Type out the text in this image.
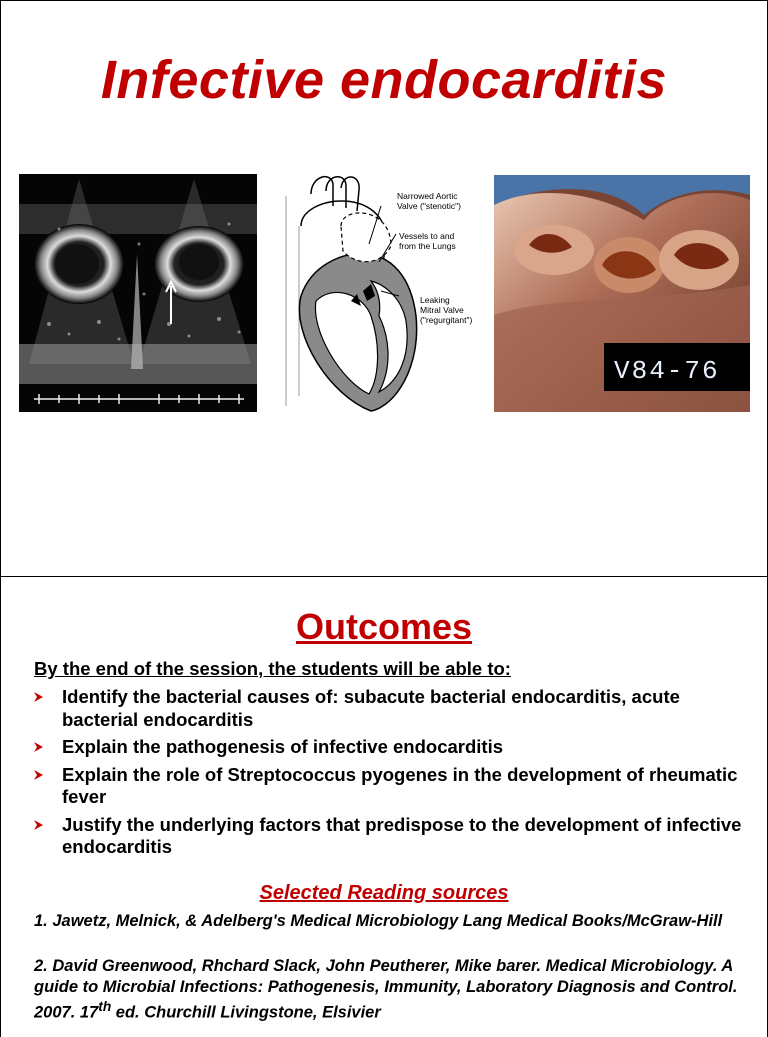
Infective endocarditis
Narrowed Aortic
Valve ("stenotic")
Vessels to and
from the Lungs
Leaking
Mitral Valve
("regurgitant")
V84-76
Outcomes
By the end of the session, the students will be able to:
Identify the bacterial causes of: subacute bacterial endocarditis, acute bacterial endocarditis
Explain the pathogenesis of infective endocarditis
Explain the role of Streptococcus pyogenes in the development of rheumatic fever
Justify the underlying factors that predispose to the development of infective endocarditis
Selected Reading sources
1. Jawetz, Melnick, & Adelberg's Medical Microbiology Lang Medical Books/McGraw-Hill
2. David Greenwood, Rhchard Slack, John Peutherer, Mike barer. Medical Microbiology. A guide to Microbial Infections: Pathogenesis, Immunity, Laboratory Diagnosis and Control. 2007. 17th ed. Churchill Livingstone, Elsivier
